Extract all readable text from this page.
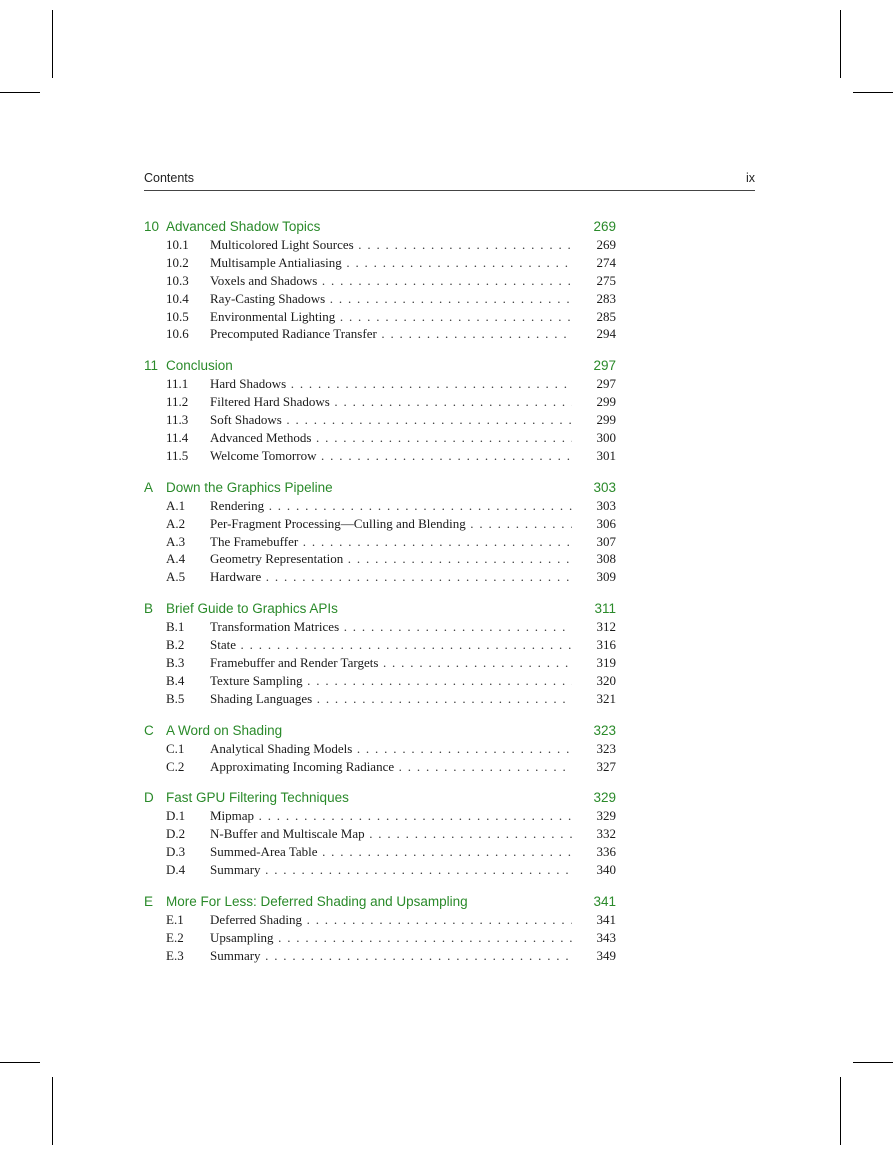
Contents	ix
10 Advanced Shadow Topics	269
10.1 Multicolored Light Sources . . .	269
10.2 Multisample Antialiasing . . .	274
10.3 Voxels and Shadows . . .	275
10.4 Ray-Casting Shadows . . .	283
10.5 Environmental Lighting . . .	285
10.6 Precomputed Radiance Transfer . . .	294
11 Conclusion	297
11.1 Hard Shadows . . .	297
11.2 Filtered Hard Shadows . . .	299
11.3 Soft Shadows . . .	299
11.4 Advanced Methods . . .	300
11.5 Welcome Tomorrow . . .	301
A Down the Graphics Pipeline	303
A.1 Rendering . . .	303
A.2 Per-Fragment Processing—Culling and Blending . . .	306
A.3 The Framebuffer . . .	307
A.4 Geometry Representation . . .	308
A.5 Hardware . . .	309
B Brief Guide to Graphics APIs	311
B.1 Transformation Matrices . . .	312
B.2 State . . .	316
B.3 Framebuffer and Render Targets . . .	319
B.4 Texture Sampling . . .	320
B.5 Shading Languages . . .	321
C A Word on Shading	323
C.1 Analytical Shading Models . . .	323
C.2 Approximating Incoming Radiance . . .	327
D Fast GPU Filtering Techniques	329
D.1 Mipmap . . .	329
D.2 N-Buffer and Multiscale Map . . .	332
D.3 Summed-Area Table . . .	336
D.4 Summary . . .	340
E More For Less: Deferred Shading and Upsampling	341
E.1 Deferred Shading . . .	341
E.2 Upsampling . . .	343
E.3 Summary . . .	349
